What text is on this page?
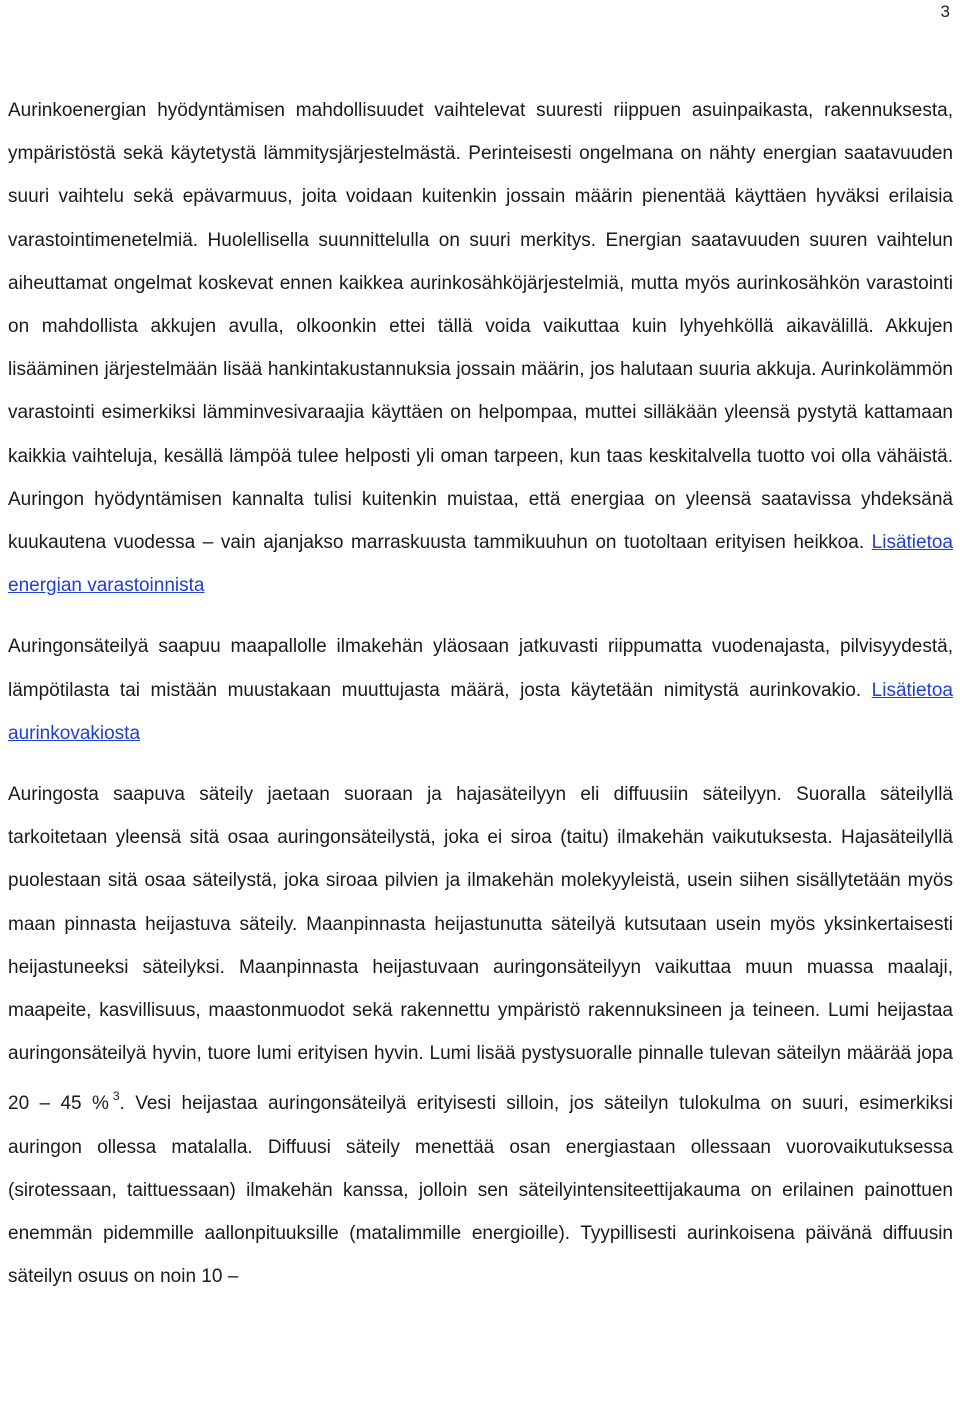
3

Aurinkoenergian hyödyntämisen mahdollisuudet vaihtelevat suuresti riippuen asuinpaikasta, rakennuksesta, ympäristöstä sekä käytetystä lämmitysjärjestelmästä. Perinteisesti ongelmana on nähty energian saatavuuden suuri vaihtelu sekä epävarmuus, joita voidaan kuitenkin jossain määrin pienentää käyttäen hyväksi erilaisia varastointimenetelmiä. Huolellisella suunnittelulla on suuri merkitys. Energian saatavuuden suuren vaihtelun aiheuttamat ongelmat koskevat ennen kaikkea aurinkosähköjärjestelmiä, mutta myös aurinkosähkön varastointi on mahdollista akkujen avulla, olkoonkin ettei tällä voida vaikuttaa kuin lyhyehköllä aikavälillä. Akkujen lisääminen järjestelmään lisää hankintakustannuksia jossain määrin, jos halutaan suuria akkuja. Aurinkolämmön varastointi esimerkiksi lämminvesivaraajia käyttäen on helpompaa, muttei silläkään yleensä pystytä kattamaan kaikkia vaihteluja, kesällä lämpöä tulee helposti yli oman tarpeen, kun taas keskitalvella tuotto voi olla vähäistä. Auringon hyödyntämisen kannalta tulisi kuitenkin muistaa, että energiaa on yleensä saatavissa yhdeksänä kuukautena vuodessa – vain ajanjakso marraskuusta tammikuuhun on tuotoltaan erityisen heikkoa. Lisätietoa energian varastoinnista

Auringonsäteilyä saapuu maapallolle ilmakehän yläosaan jatkuvasti riippumatta vuodenajasta, pilvisyydestä, lämpötilasta tai mistään muustakaan muuttujasta määrä, josta käytetään nimitystä aurinkovakio. Lisätietoa aurinkovakiosta

Auringosta saapuva säteily jaetaan suoraan ja hajasäteilyyn eli diffuusiin säteilyyn. Suoralla säteilyllä tarkoitetaan yleensä sitä osaa auringonsäteilystä, joka ei siroa (taitu) ilmakehän vaikutuksesta. Hajasäteilyllä puolestaan sitä osaa säteilystä, joka siroaa pilvien ja ilmakehän molekyyleistä, usein siihen sisällytetään myös maan pinnasta heijastuva säteily. Maanpinnasta heijastunutta säteilyä kutsutaan usein myös yksinkertaisesti heijastuneeksi säteilyksi. Maanpinnasta heijastuvaan auringonsäteilyyn vaikuttaa muun muassa maalaji, maapeite, kasvillisuus, maastonmuodot sekä rakennettu ympäristö rakennuksineen ja teineen. Lumi heijastaa auringonsäteilyä hyvin, tuore lumi erityisen hyvin. Lumi lisää pystysuoralle pinnalle tulevan säteilyn määrää jopa 20 – 45 % $^3$. Vesi heijastaa auringonsäteilyä erityisesti silloin, jos säteilyn tulokulma on suuri, esimerkiksi auringon ollessa matalalla. Diffuusi säteily menettää osan energiastaan ollessaan vuorovaikutuksessa (sirotessaan, taittuessaan) ilmakehän kanssa, jolloin sen säteilyintensiteettijakauma on erilainen painottuen enemmän pidemmille aallonpituuksille (matalimmille energioille). Tyypillisesti aurinkoisena päivänä diffuusin säteilyn osuus on noin 10 –
